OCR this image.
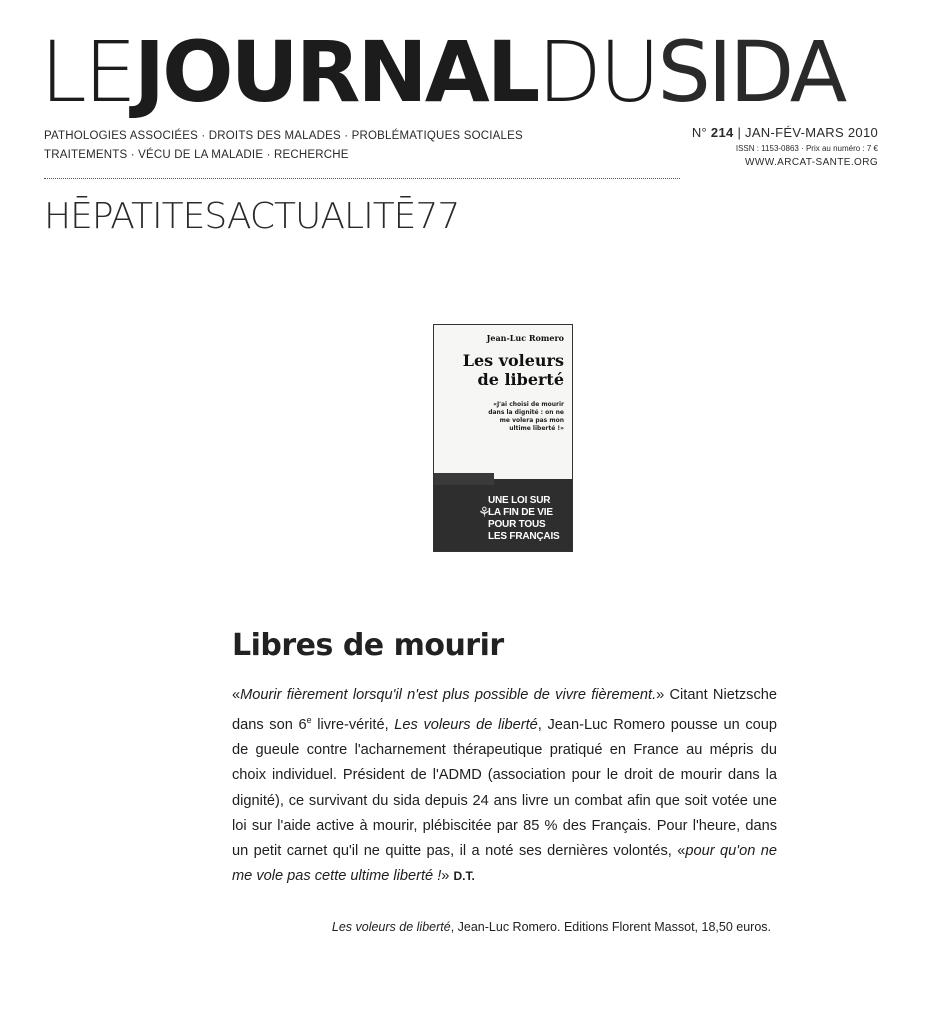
LEJOURNALDUSIDA
PATHOLOGIES ASSOCIÉES · DROITS DES MALADES · PROBLÉMATIQUES SOCIALES
TRAITEMENTS · VÉCU DE LA MALADIE · RECHERCHE
N° 214 | JAN-FÉV-MARS 2010
ISSN : 1153-0863 · Prix au numéro : 7 €
WWW.ARCAT-SANTE.ORG
HĒPATITESACTUALITĒ77
Jean-Luc Romero
Les voleurs
de liberté
«J'ai choisi de mourir dans la dignité : on ne me volera pas mon ultime liberté !»
⚘
UNE LOI SUR
LA FIN DE VIE
POUR TOUS
LES FRANÇAIS
Libres de mourir
«Mourir fièrement lorsqu'il n'est plus possible de vivre fièrement.» Citant Nietzsche dans son 6e livre-vérité, Les voleurs de liberté, Jean-Luc Romero pousse un coup de gueule contre l'acharnement thérapeutique pratiqué en France au mépris du choix individuel. Président de l'ADMD (association pour le droit de mourir dans la dignité), ce survivant du sida depuis 24 ans livre un combat afin que soit votée une loi sur l'aide active à mourir, plébiscitée par 85 % des Français. Pour l'heure, dans un petit carnet qu'il ne quitte pas, il a noté ses dernières volontés, «pour qu'on ne me vole pas cette ultime liberté !» D.T.
Les voleurs de liberté, Jean-Luc Romero. Editions Florent Massot, 18,50 euros.
